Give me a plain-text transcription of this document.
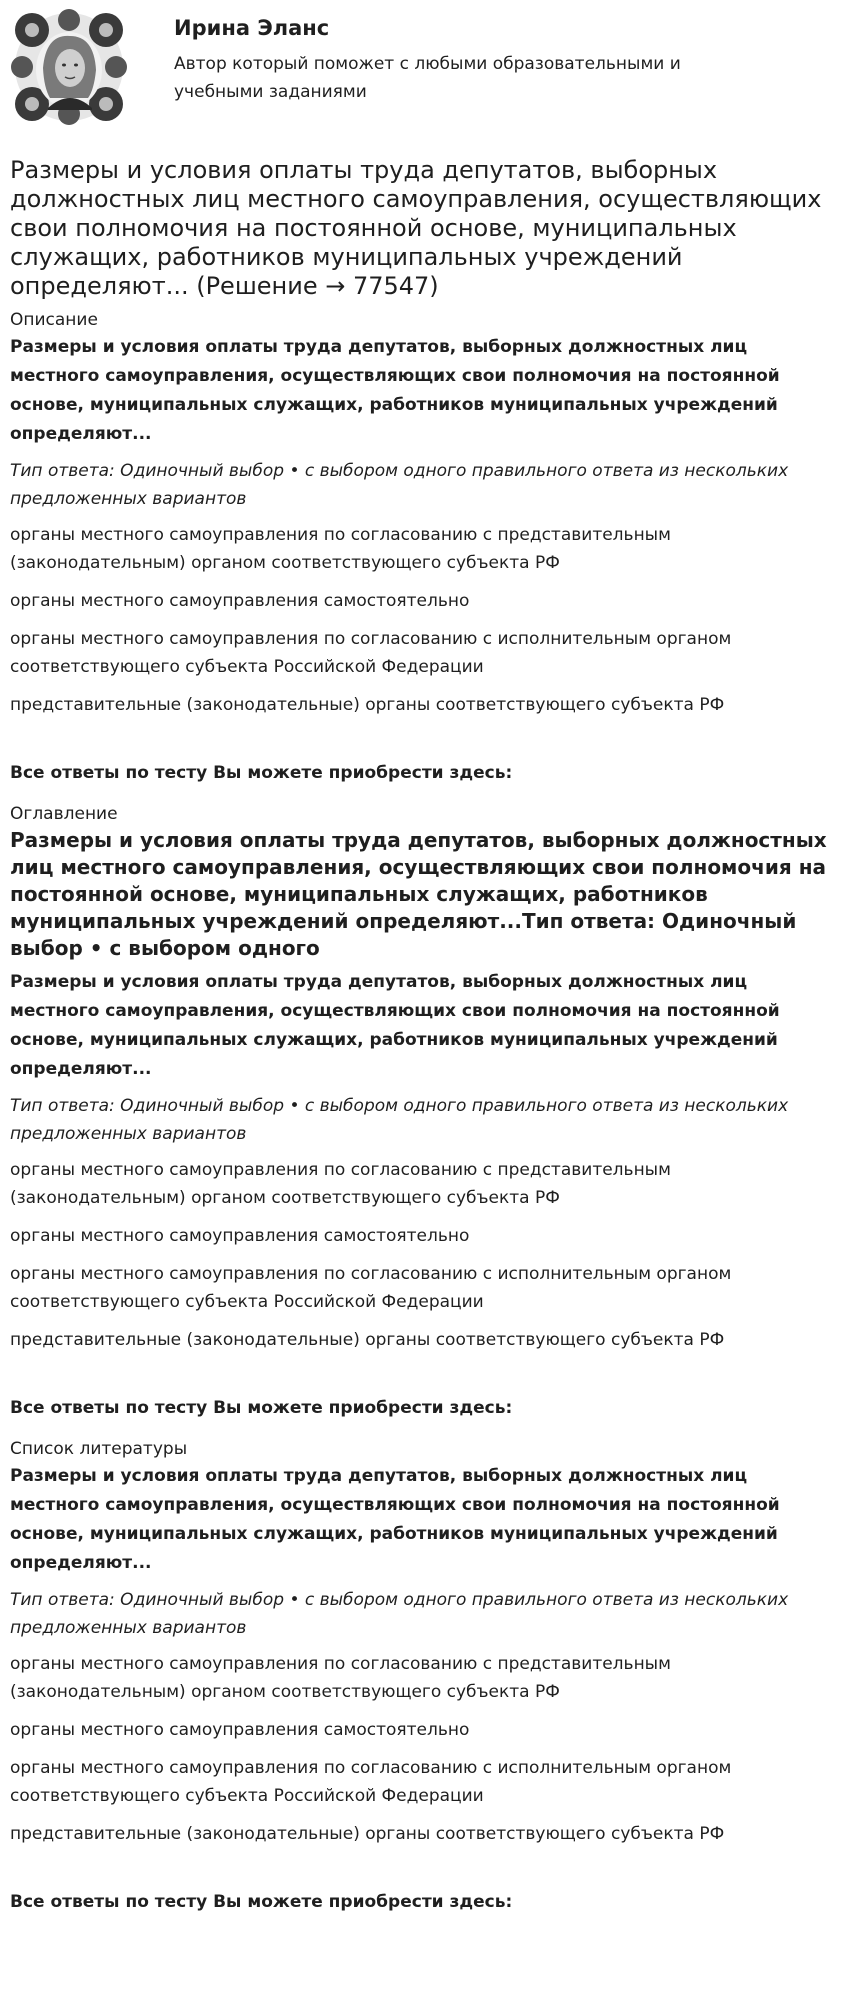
Ирина Эланс
Автор который поможет с любыми образовательными и учебными заданиями
Размеры и условия оплаты труда депутатов, выборных должностных лиц местного самоуправления, осуществляющих свои полномочия на постоянной основе, муниципальных служащих, работников муниципальных учреждений определяют... (Решение → 77547)

Описание

Размеры и условия оплаты труда депутатов, выборных должностных лиц местного самоуправления, осуществляющих свои полномочия на постоянной основе, муниципальных служащих, работников муниципальных учреждений определяют...

Тип ответа: Одиночный выбор • с выбором одного правильного ответа из нескольких предложенных вариантов

органы местного самоуправления по согласованию с представительным (законодательным) органом соответствующего субъекта РФ

органы местного самоуправления самостоятельно

органы местного самоуправления по согласованию с исполнительным органом соответствующего субъекта Российской Федерации

представительные (законодательные) органы соответствующего субъекта РФ

Все ответы по тесту Вы можете приобрести здесь:

Оглавление

Размеры и условия оплаты труда депутатов, выборных должностных лиц местного самоуправления, осуществляющих свои полномочия на постоянной основе, муниципальных служащих, работников муниципальных учреждений определяют...Тип ответа: Одиночный выбор • с выбором одного

Размеры и условия оплаты труда депутатов, выборных должностных лиц местного самоуправления, осуществляющих свои полномочия на постоянной основе, муниципальных служащих, работников муниципальных учреждений определяют...

Тип ответа: Одиночный выбор • с выбором одного правильного ответа из нескольких предложенных вариантов

органы местного самоуправления по согласованию с представительным (законодательным) органом соответствующего субъекта РФ

органы местного самоуправления самостоятельно

органы местного самоуправления по согласованию с исполнительным органом соответствующего субъекта Российской Федерации

представительные (законодательные) органы соответствующего субъекта РФ

Все ответы по тесту Вы можете приобрести здесь:

Список литературы

Размеры и условия оплаты труда депутатов, выборных должностных лиц местного самоуправления, осуществляющих свои полномочия на постоянной основе, муниципальных служащих, работников муниципальных учреждений определяют...

Тип ответа: Одиночный выбор • с выбором одного правильного ответа из нескольких предложенных вариантов

органы местного самоуправления по согласованию с представительным (законодательным) органом соответствующего субъекта РФ

органы местного самоуправления самостоятельно

органы местного самоуправления по согласованию с исполнительным органом соответствующего субъекта Российской Федерации

представительные (законодательные) органы соответствующего субъекта РФ

Все ответы по тесту Вы можете приобрести здесь:
